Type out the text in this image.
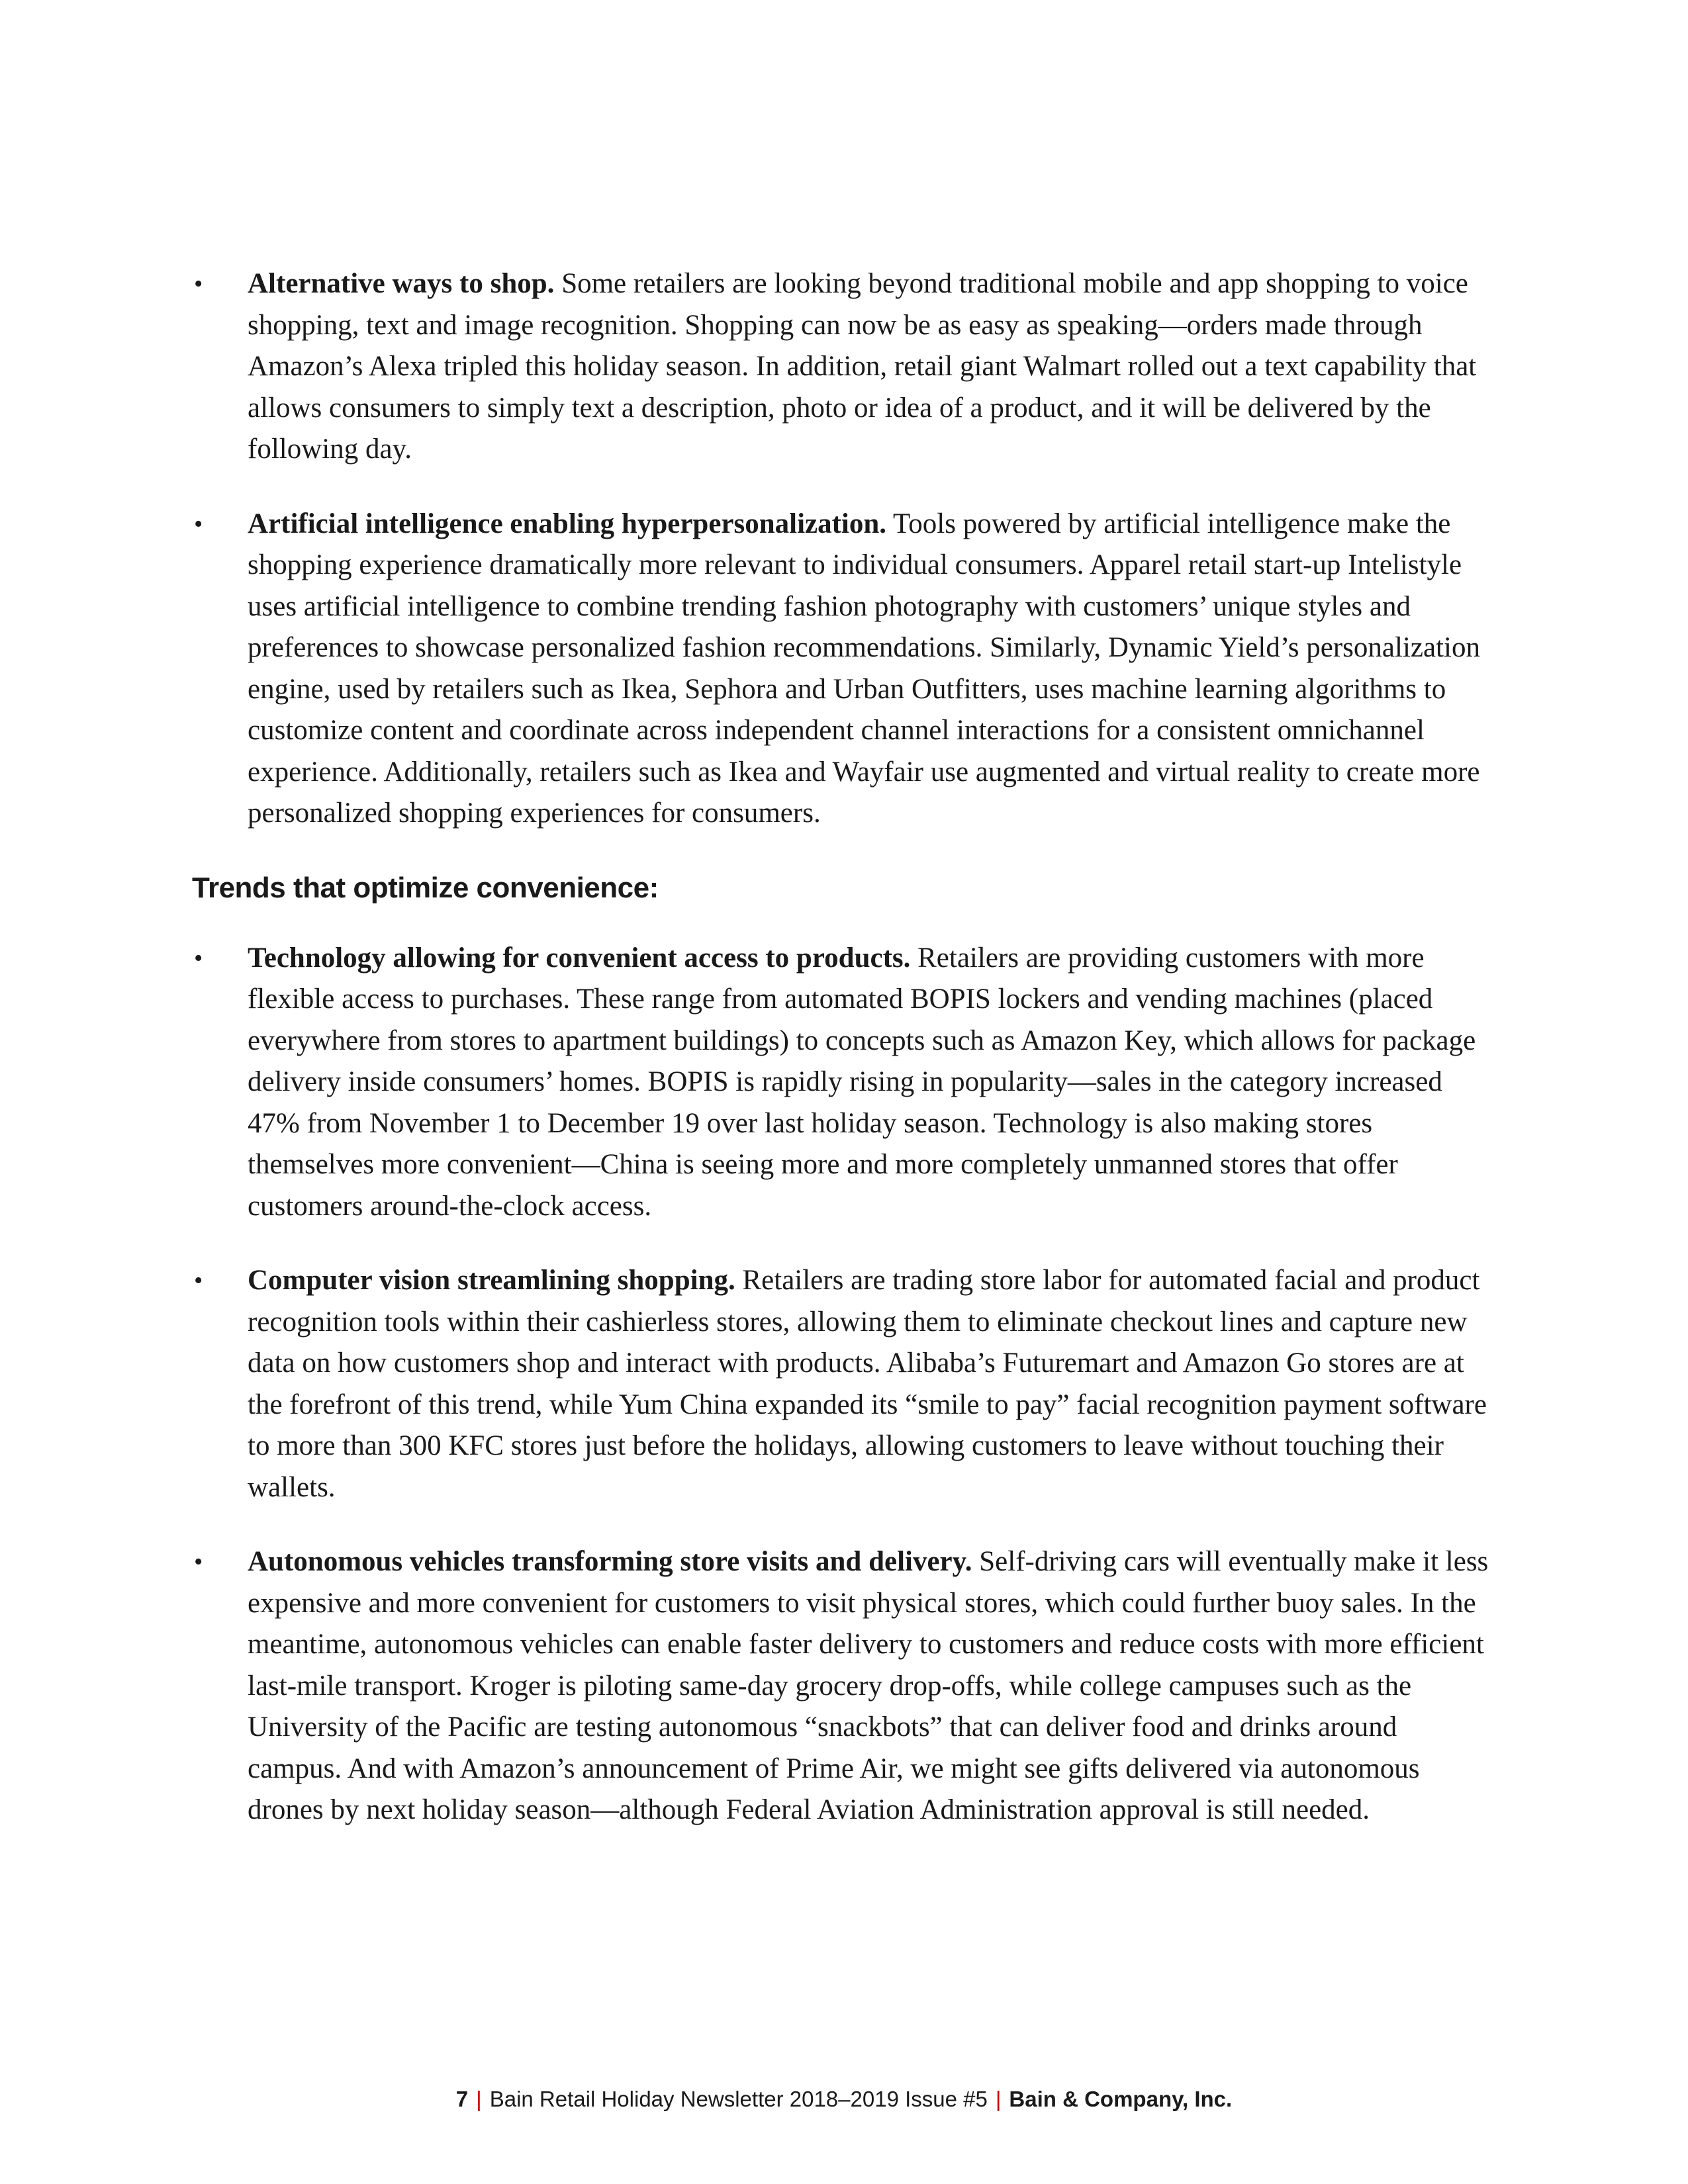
• Alternative ways to shop. Some retailers are looking beyond traditional mobile and app shopping to voice shopping, text and image recognition. Shopping can now be as easy as speaking—orders made through Amazon’s Alexa tripled this holiday season. In addition, retail giant Walmart rolled out a text capability that allows consumers to simply text a description, photo or idea of a product, and it will be delivered by the following day.
• Artificial intelligence enabling hyperpersonalization. Tools powered by artificial intelligence make the shopping experience dramatically more relevant to individual consumers. Apparel retail start-up Intelistyle uses artificial intelligence to combine trending fashion photography with customers’ unique styles and preferences to showcase personalized fashion recommendations. Similarly, Dynamic Yield’s personalization engine, used by retailers such as Ikea, Sephora and Urban Outfitters, uses machine learning algorithms to customize content and coordinate across independent channel interactions for a consistent omnichannel experience. Additionally, retailers such as Ikea and Wayfair use augmented and virtual reality to create more personalized shopping experiences for consumers.
Trends that optimize convenience:
• Technology allowing for convenient access to products. Retailers are providing customers with more flexible access to purchases. These range from automated BOPIS lockers and vending machines (placed everywhere from stores to apartment buildings) to concepts such as Amazon Key, which allows for package delivery inside consumers’ homes. BOPIS is rapidly rising in popularity—sales in the category increased 47% from November 1 to December 19 over last holiday season. Technology is also making stores themselves more convenient—China is seeing more and more completely unmanned stores that offer customers around-the-clock access.
• Computer vision streamlining shopping. Retailers are trading store labor for automated facial and product recognition tools within their cashierless stores, allowing them to eliminate checkout lines and capture new data on how customers shop and interact with products. Alibaba’s Futuremart and Amazon Go stores are at the forefront of this trend, while Yum China expanded its “smile to pay” facial recognition payment software to more than 300 KFC stores just before the holidays, allowing customers to leave without touching their wallets.
• Autonomous vehicles transforming store visits and delivery. Self-driving cars will eventually make it less expensive and more convenient for customers to visit physical stores, which could further buoy sales. In the meantime, autonomous vehicles can enable faster delivery to customers and reduce costs with more efficient last-mile transport. Kroger is piloting same-day grocery drop-offs, while college campuses such as the University of the Pacific are testing autonomous “snackbots” that can deliver food and drinks around campus. And with Amazon’s announcement of Prime Air, we might see gifts delivered via autonomous drones by next holiday season—although Federal Aviation Administration approval is still needed.
7 | Bain Retail Holiday Newsletter 2018–2019 Issue #5 | Bain & Company, Inc.
